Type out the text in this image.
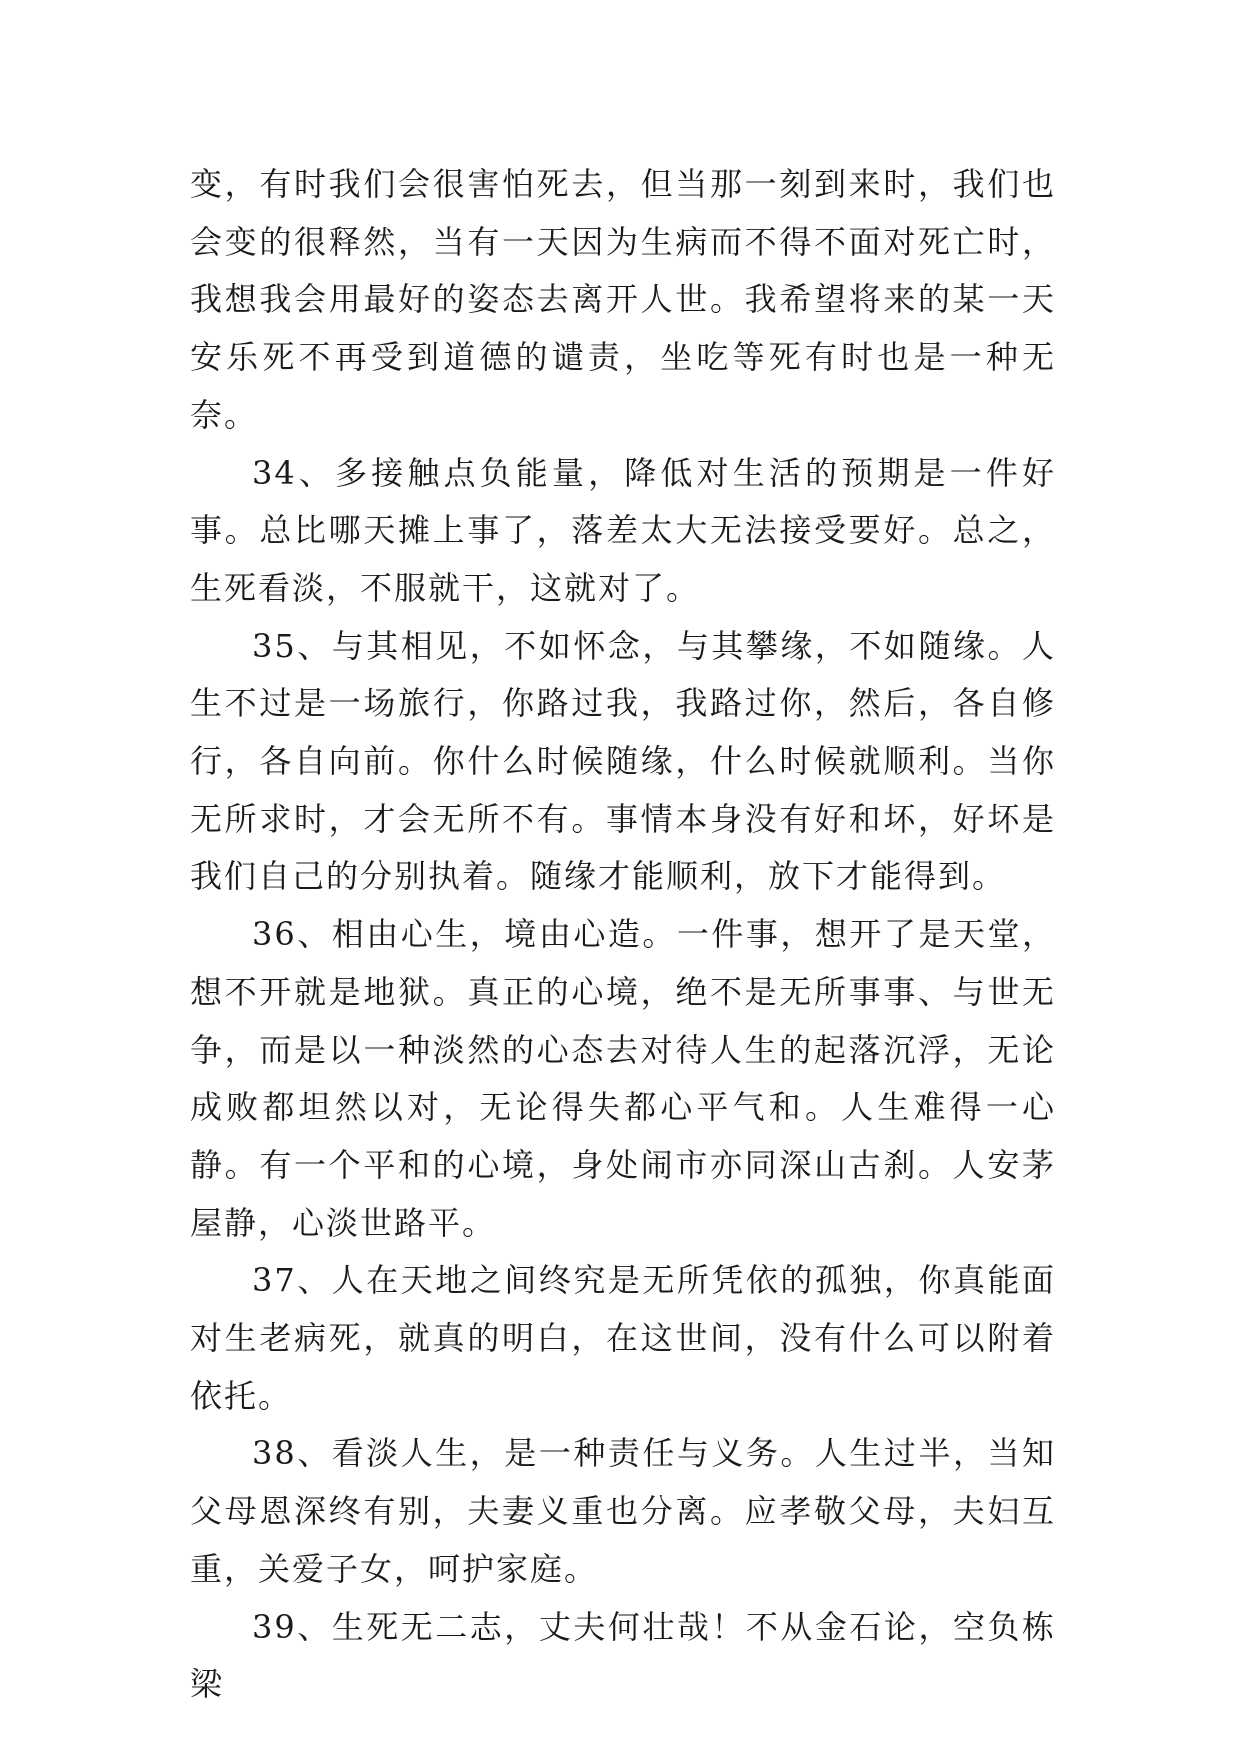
变，有时我们会很害怕死去，但当那一刻到来时，我们也会变的很释然，当有一天因为生病而不得不面对死亡时，我想我会用最好的姿态去离开人世。我希望将来的某一天安乐死不再受到道德的谴责，坐吃等死有时也是一种无奈。

34、多接触点负能量，降低对生活的预期是一件好事。总比哪天摊上事了，落差太大无法接受要好。总之，生死看淡，不服就干，这就对了。

35、与其相见，不如怀念，与其攀缘，不如随缘。人生不过是一场旅行，你路过我，我路过你，然后，各自修行，各自向前。你什么时候随缘，什么时候就顺利。当你无所求时，才会无所不有。事情本身没有好和坏，好坏是我们自己的分别执着。随缘才能顺利，放下才能得到。

36、相由心生，境由心造。一件事，想开了是天堂，想不开就是地狱。真正的心境，绝不是无所事事、与世无争，而是以一种淡然的心态去对待人生的起落沉浮，无论成败都坦然以对，无论得失都心平气和。人生难得一心静。有一个平和的心境，身处闹市亦同深山古刹。人安茅屋静，心淡世路平。

37、人在天地之间终究是无所凭依的孤独，你真能面对生老病死，就真的明白，在这世间，没有什么可以附着依托。

38、看淡人生，是一种责任与义务。人生过半，当知父母恩深终有别，夫妻义重也分离。应孝敬父母，夫妇互重，关爱子女，呵护家庭。

39、生死无二志，丈夫何壮哉！不从金石论，空负栋梁
